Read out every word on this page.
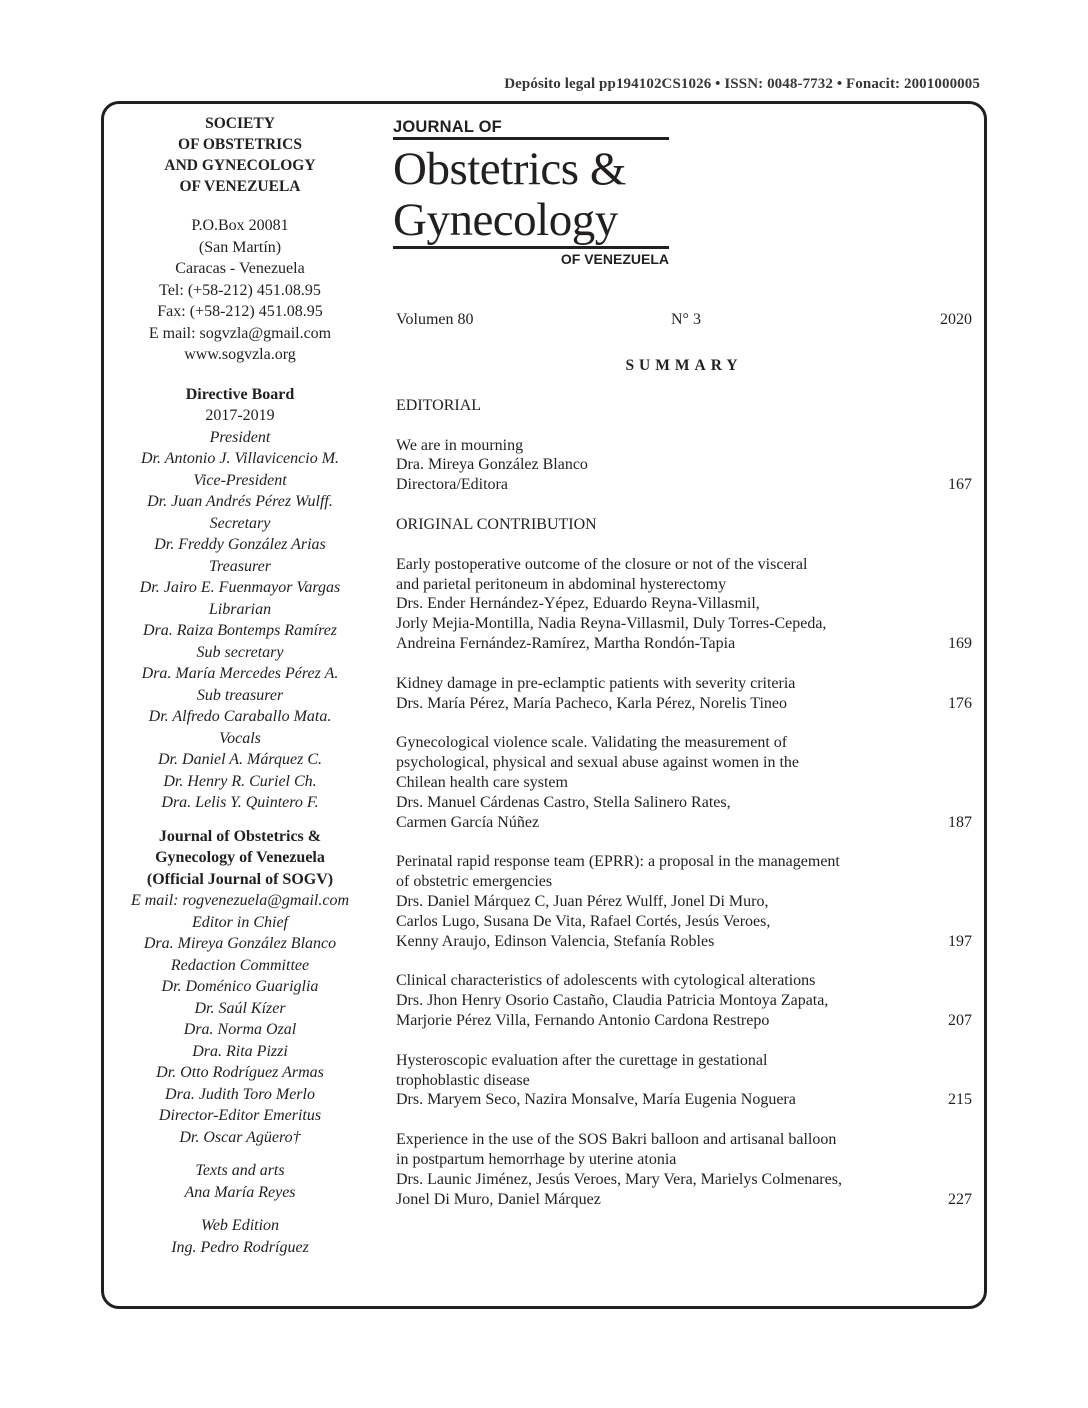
Depósito legal pp194102CS1026 • ISSN: 0048-7732 • Fonacit: 2001000005
SOCIETY
OF OBSTETRICS
AND GYNECOLOGY
OF VENEZUELA
P.O.Box 20081
(San Martín)
Caracas - Venezuela
Tel: (+58-212) 451.08.95
Fax: (+58-212) 451.08.95
E mail: sogvzla@gmail.com
www.sogvzla.org
Directive Board
2017-2019
President
Dr. Antonio J. Villavicencio M.
Vice-President
Dr. Juan Andrés Pérez Wulff.
Secretary
Dr. Freddy González Arias
Treasurer
Dr. Jairo E. Fuenmayor Vargas
Librarian
Dra. Raiza Bontemps Ramírez
Sub secretary
Dra. María Mercedes Pérez A.
Sub treasurer
Dr. Alfredo Caraballo Mata.
Vocals
Dr. Daniel A. Márquez C.
Dr. Henry R. Curiel Ch.
Dra. Lelis Y. Quintero F.
Journal of Obstetrics &
Gynecology of Venezuela
(Official Journal of SOGV)
E mail: rogvenezuela@gmail.com
Editor in Chief
Dra. Mireya González Blanco
Redaction Committee
Dr. Doménico Guariglia
Dr. Saúl Kízer
Dra. Norma Ozal
Dra. Rita Pizzi
Dr. Otto Rodríguez Armas
Dra. Judith Toro Merlo
Director-Editor Emeritus
Dr. Oscar Agüero†
Texts and arts
Ana María Reyes
Web Edition
Ing. Pedro Rodríguez
JOURNAL OF
Obstetrics &
Gynecology
OF VENEZUELA
Volumen 80	N° 3	2020
SUMMARY
EDITORIAL
We are in mourning
Dra. Mireya González Blanco
Directora/Editora	167
ORIGINAL CONTRIBUTION
Early postoperative outcome of the closure or not of the visceral
and parietal peritoneum in abdominal hysterectomy
Drs. Ender Hernández-Yépez, Eduardo Reyna-Villasmil,
Jorly Mejia-Montilla, Nadia Reyna-Villasmil, Duly Torres-Cepeda,
Andreina Fernández-Ramírez, Martha Rondón-Tapia	169
Kidney damage in pre-eclamptic patients with severity criteria
Drs. María Pérez, María Pacheco, Karla Pérez, Norelis Tineo	176
Gynecological violence scale. Validating the measurement of
psychological, physical and sexual abuse against women in the
Chilean health care system
Drs. Manuel Cárdenas Castro, Stella Salinero Rates,
Carmen García Núñez	187
Perinatal rapid response team (EPRR): a proposal in the management
of obstetric emergencies
Drs. Daniel Márquez C, Juan Pérez Wulff, Jonel Di Muro,
Carlos Lugo, Susana De Vita, Rafael Cortés, Jesús Veroes,
Kenny Araujo, Edinson Valencia, Stefanía Robles	197
Clinical characteristics of adolescents with cytological alterations
Drs. Jhon Henry Osorio Castaño, Claudia Patricia Montoya Zapata,
Marjorie Pérez Villa, Fernando Antonio Cardona Restrepo	207
Hysteroscopic evaluation after the curettage in gestational
trophoblastic disease
Drs. Maryem Seco, Nazira Monsalve, María Eugenia Noguera	215
Experience in the use of the SOS Bakri balloon and artisanal balloon
in postpartum hemorrhage by uterine atonia
Drs. Launic Jiménez, Jesús Veroes, Mary Vera, Marielys Colmenares,
Jonel Di Muro, Daniel Márquez	227
